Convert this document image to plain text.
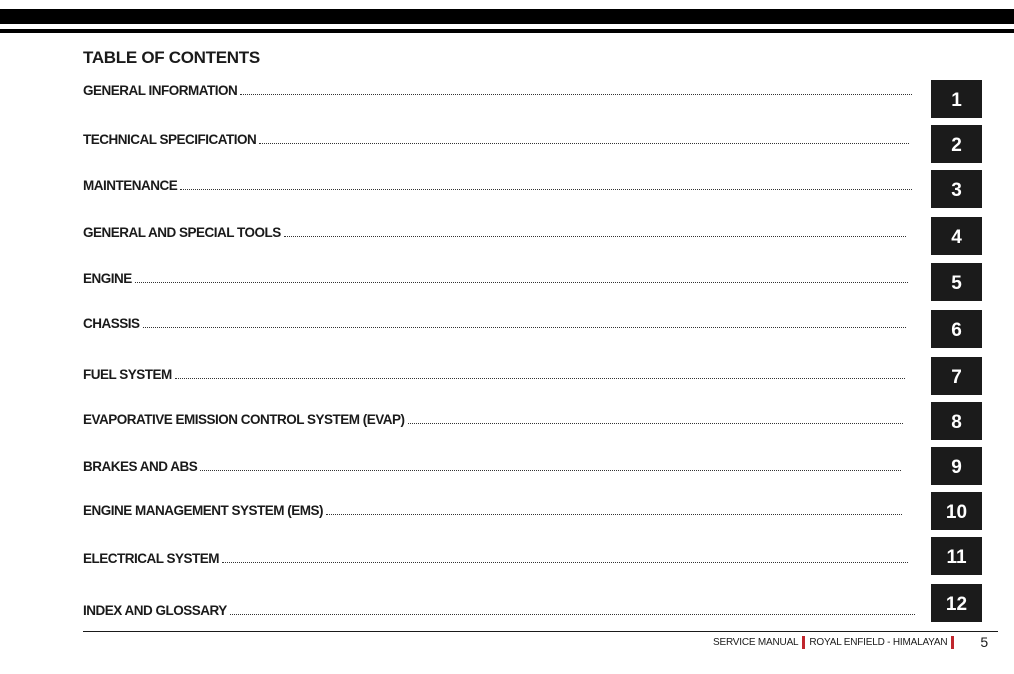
TABLE OF CONTENTS
GENERAL INFORMATION	1
TECHNICAL SPECIFICATION	2
MAINTENANCE	3
GENERAL AND SPECIAL TOOLS	4
ENGINE	5
CHASSIS	6
FUEL SYSTEM	7
EVAPORATIVE EMISSION CONTROL SYSTEM (EVAP)	8
BRAKES AND ABS	9
ENGINE MANAGEMENT SYSTEM (EMS)	10
ELECTRICAL SYSTEM	11
INDEX AND GLOSSARY	12
SERVICE MANUAL ROYAL ENFIELD - HIMALAYAN 5
